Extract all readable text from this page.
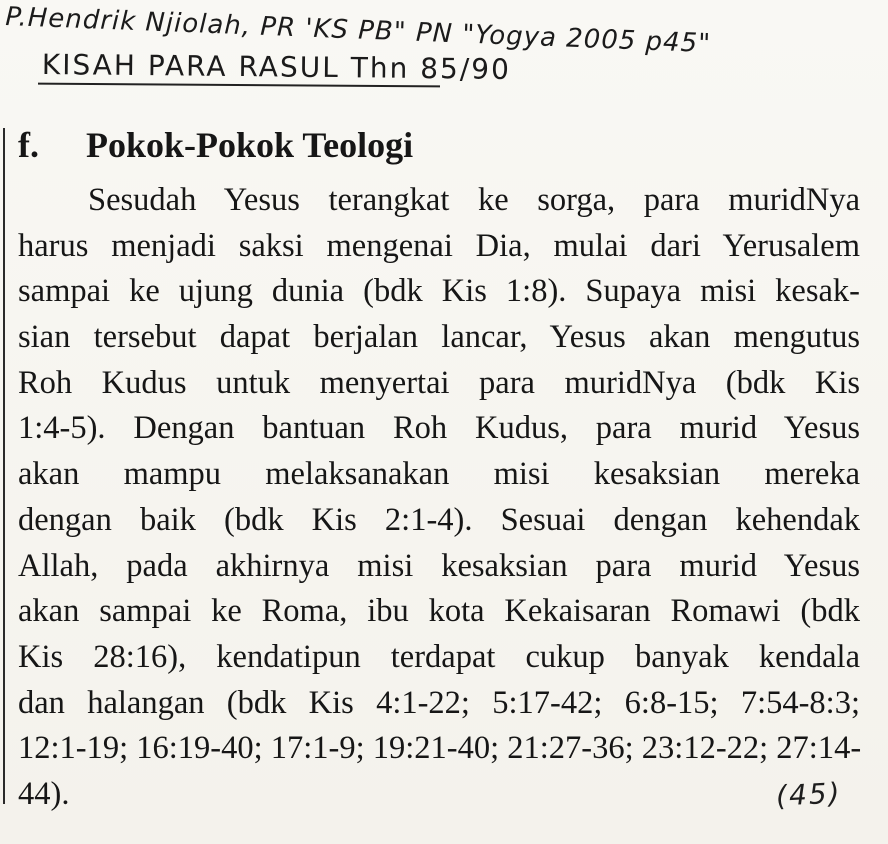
P.Hendrik Njiolah, PR 'KS PB" PN "Yogya 2005 p45"
KISAH PARA RASUL Thn 85/90
f.	Pokok-Pokok Teologi
Sesudah Yesus terangkat ke sorga, para muridNya
harus menjadi saksi mengenai Dia, mulai dari Yerusalem
sampai ke ujung dunia (bdk Kis 1:8). Supaya misi kesak-
sian tersebut dapat berjalan lancar, Yesus akan mengutus
Roh Kudus untuk menyertai para muridNya (bdk Kis
1:4-5). Dengan bantuan Roh Kudus, para murid Yesus
akan mampu melaksanakan misi kesaksian mereka
dengan baik (bdk Kis 2:1-4). Sesuai dengan kehendak
Allah, pada akhirnya misi kesaksian para murid Yesus
akan sampai ke Roma, ibu kota Kekaisaran Romawi (bdk
Kis 28:16), kendatipun terdapat cukup banyak kendala
dan halangan (bdk Kis 4:1-22; 5:17-42; 6:8-15; 7:54-8:3;
12:1-19; 16:19-40; 17:1-9; 19:21-40; 21:27-36; 23:12-22; 27:14-
44).	(45)
